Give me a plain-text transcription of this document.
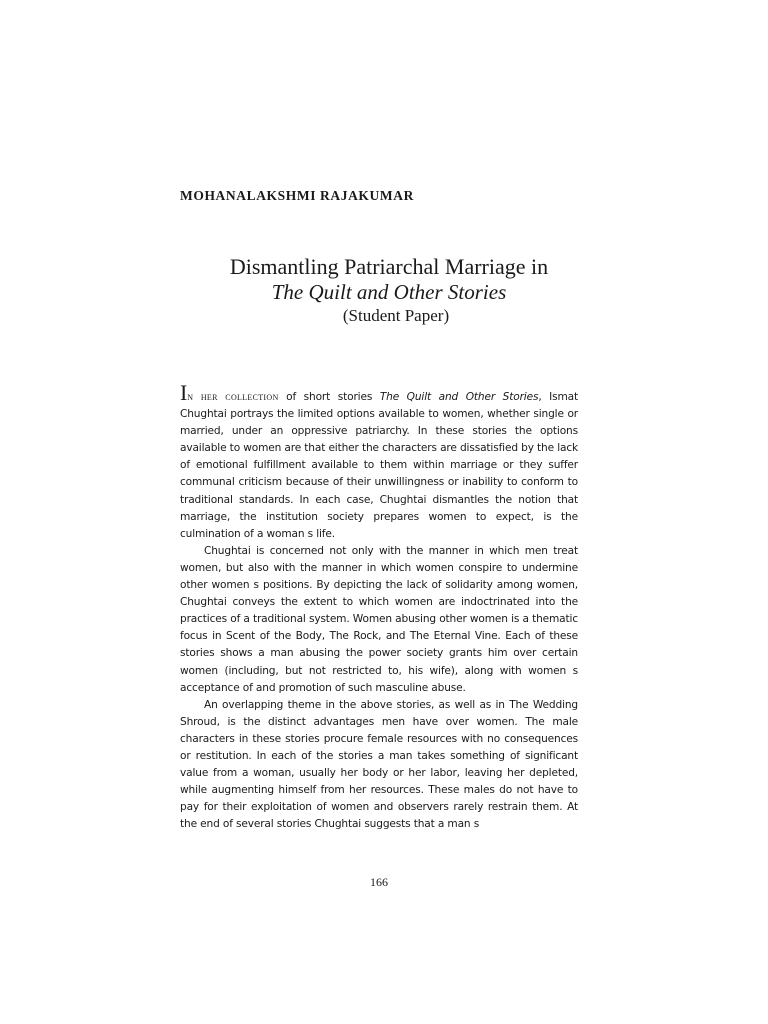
MOHANALAKSHMI RAJAKUMAR
Dismantling Patriarchal Marriage in
The Quilt and Other Stories
(Student Paper)

In her collection of short stories The Quilt and Other Stories, Ismat Chughtai portrays the limited options available to women, whether single or married, under an oppressive patriarchy. In these stories the options available to women are that either the characters are dissatisfied by the lack of emotional fulfillment available to them within marriage or they suffer communal criticism because of their unwillingness or inability to conform to traditional standards. In each case, Chughtai dismantles the notion that marriage, the institution society prepares women to expect, is the culmination of a woman s life.

Chughtai is concerned not only with the manner in which men treat women, but also with the manner in which women conspire to undermine other women s positions. By depicting the lack of solidarity among women, Chughtai conveys the extent to which women are indoctrinated into the practices of a traditional system. Women abusing other women is a thematic focus in Scent of the Body, The Rock, and The Eternal Vine. Each of these stories shows a man abusing the power society grants him over certain women (including, but not restricted to, his wife), along with women s acceptance of and promotion of such masculine abuse.

An overlapping theme in the above stories, as well as in The Wedding Shroud, is the distinct advantages men have over women. The male characters in these stories procure female resources with no consequences or restitution. In each of the stories a man takes something of significant value from a woman, usually her body or her labor, leaving her depleted, while augmenting himself from her resources. These males do not have to pay for their exploitation of women and observers rarely restrain them. At the end of several stories Chughtai suggests that a man s

166
